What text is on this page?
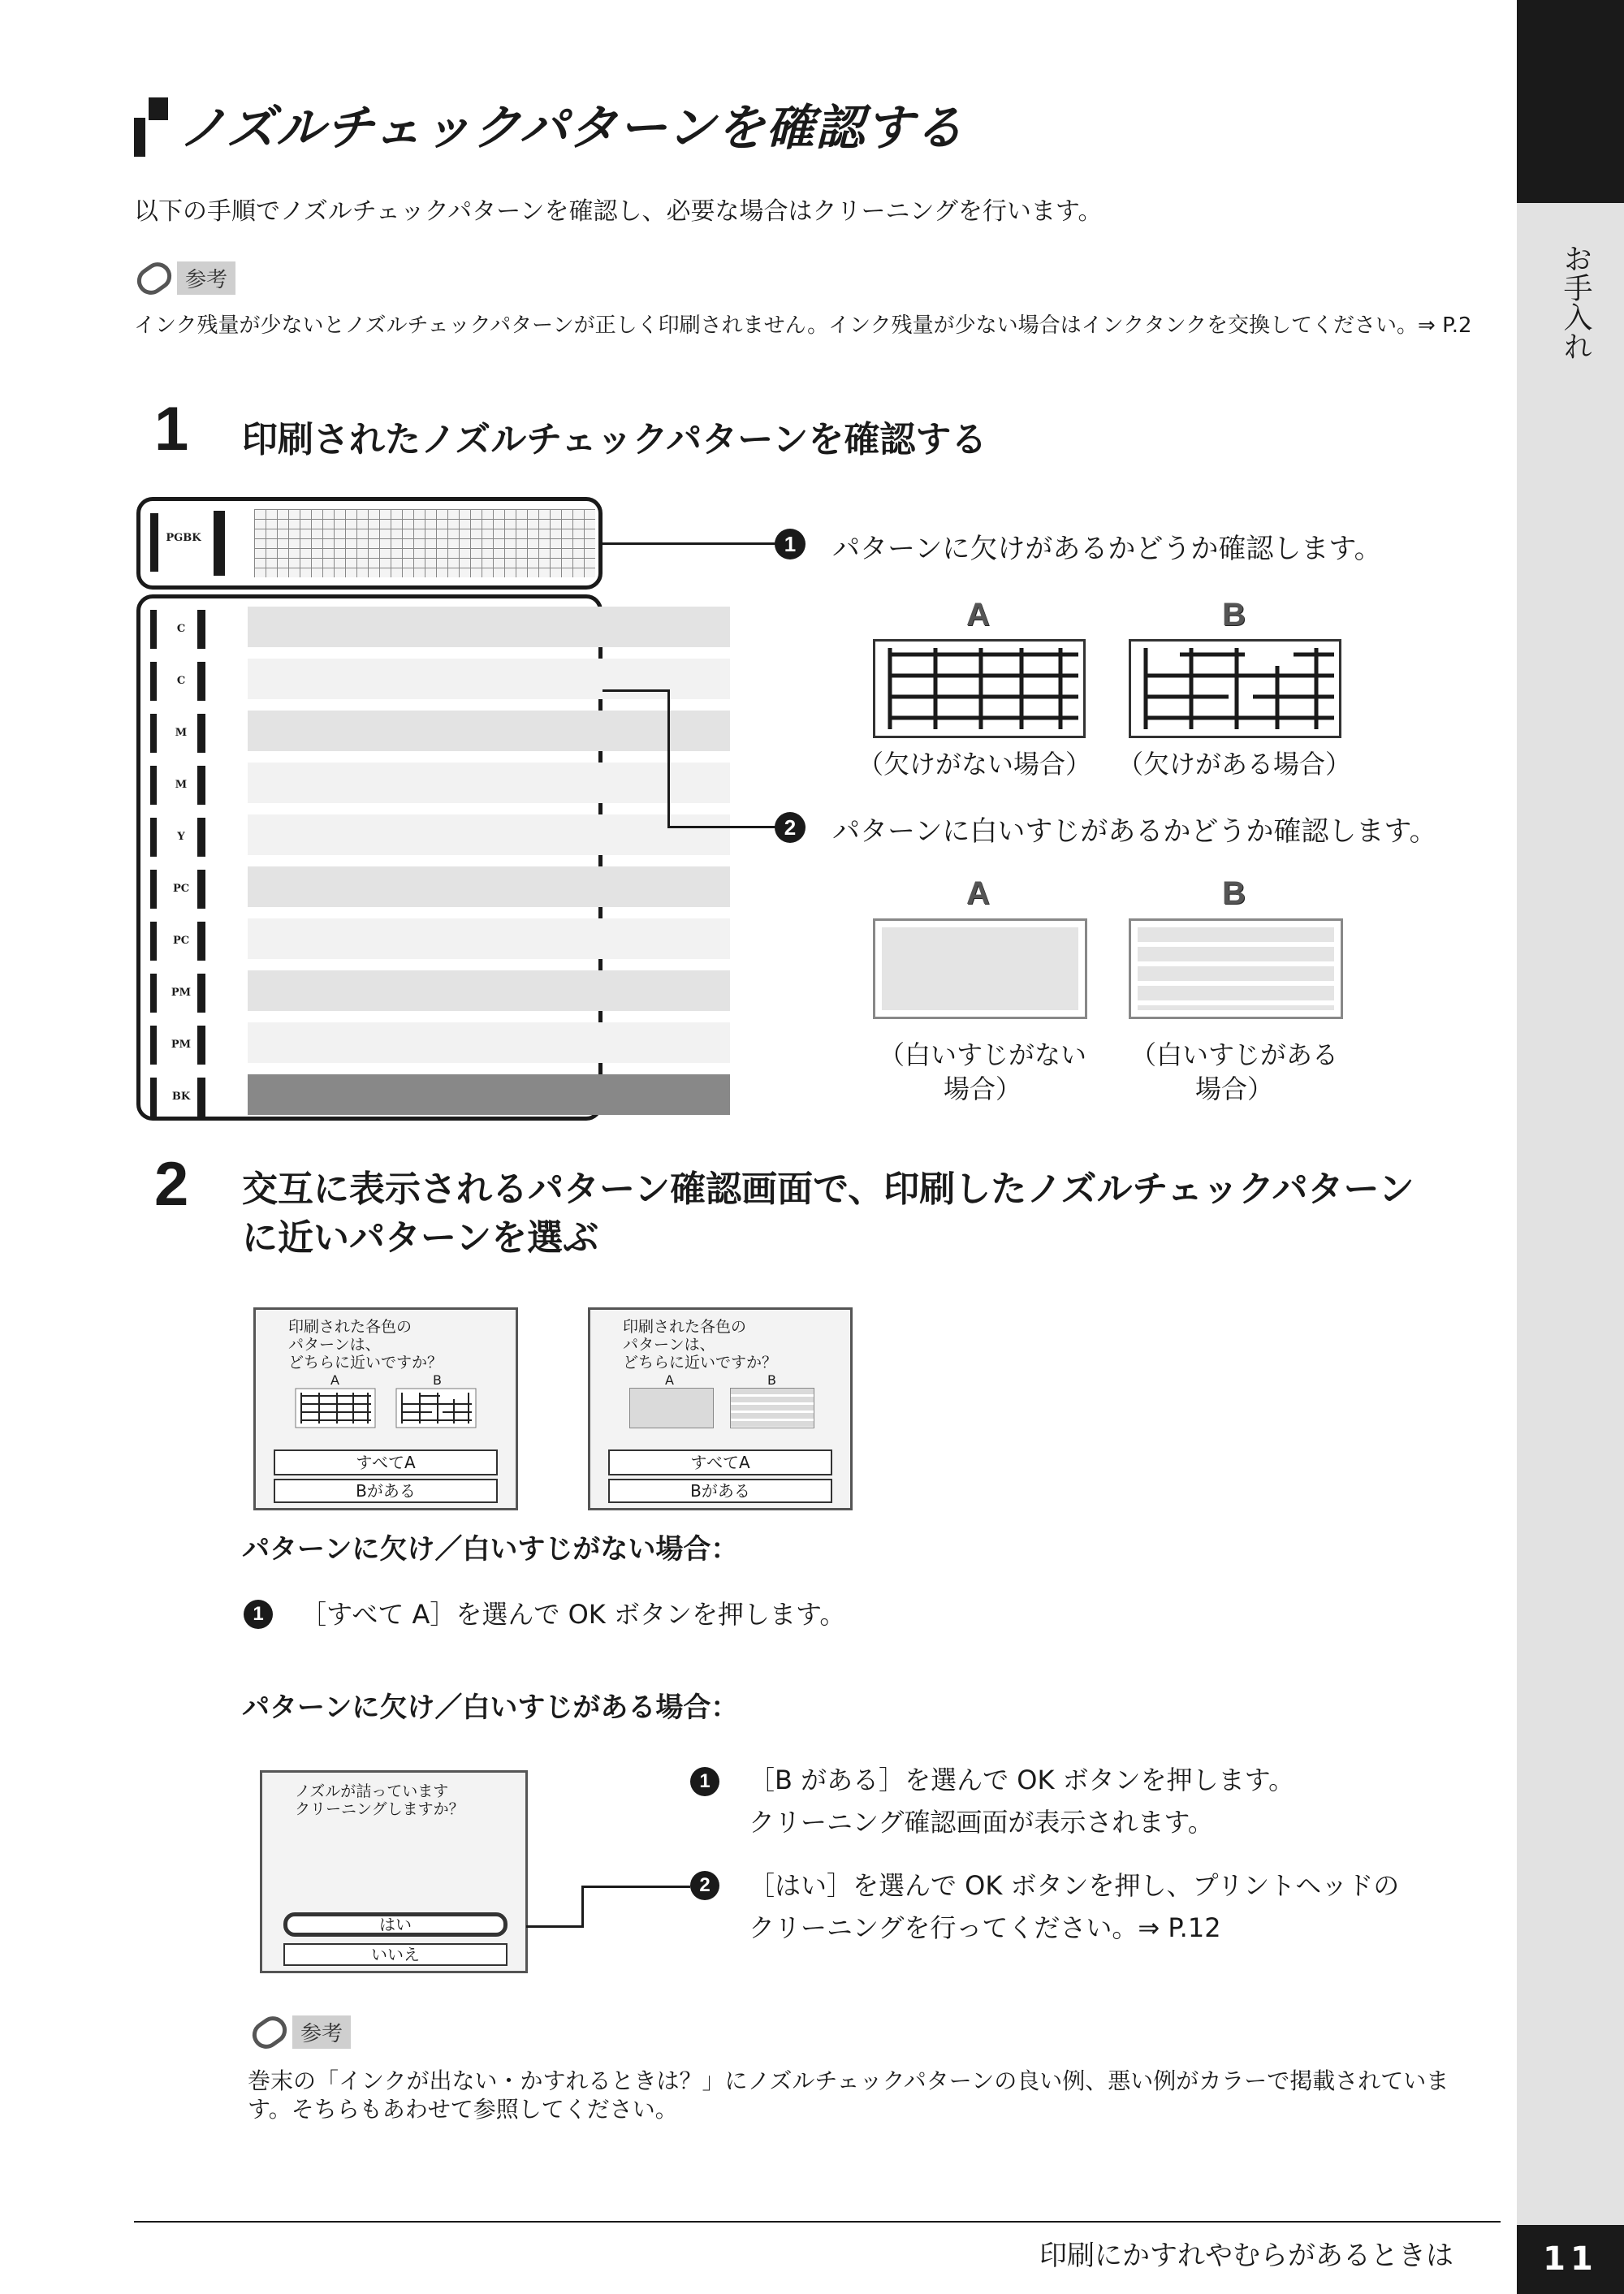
お手入れ
ノズルチェックパターンを確認する
以下の手順でノズルチェックパターンを確認し、必要な場合はクリーニングを行います。
参考
インク残量が少ないとノズルチェックパターンが正しく印刷されません。インク残量が少ない場合はインクタンクを交換してください。⇒ P.2
1 印刷されたノズルチェックパターンを確認する
PGBK
C
C
M
M
Y
PC
PC
PM
PM
BK
1	パターンに欠けがあるかどうか確認します。
A	B
（欠けがない場合） （欠けがある場合）
2	パターンに白いすじがあるかどうか確認します。
A	B
（白いすじがない
場合）
（白いすじがある
場合）
2 交互に表示されるパターン確認画面で、印刷したノズルチェックパターン
に近いパターンを選ぶ
印刷された各色の
パターンは、
どちらに近いですか？
A	B
すべてA
Bがある
印刷された各色の
パターンは、
どちらに近いですか？
A	B
すべてA
Bがある
パターンに欠け／白いすじがない場合：
1	［すべて A］を選んで OK ボタンを押します。
パターンに欠け／白いすじがある場合：
ノズルが詰っています
クリーニングしますか？
はい
いいえ
1	［B がある］を選んで OK ボタンを押します。
クリーニング確認画面が表示されます。
2	［はい］を選んで OK ボタンを押し、プリントヘッドの
クリーニングを行ってください。⇒ P.12
参考
巻末の「インクが出ない・かすれるときは？」にノズルチェックパターンの良い例、悪い例がカラーで掲載されています。そちらもあわせて参照してください。
印刷にかすれやむらがあるときは	11
